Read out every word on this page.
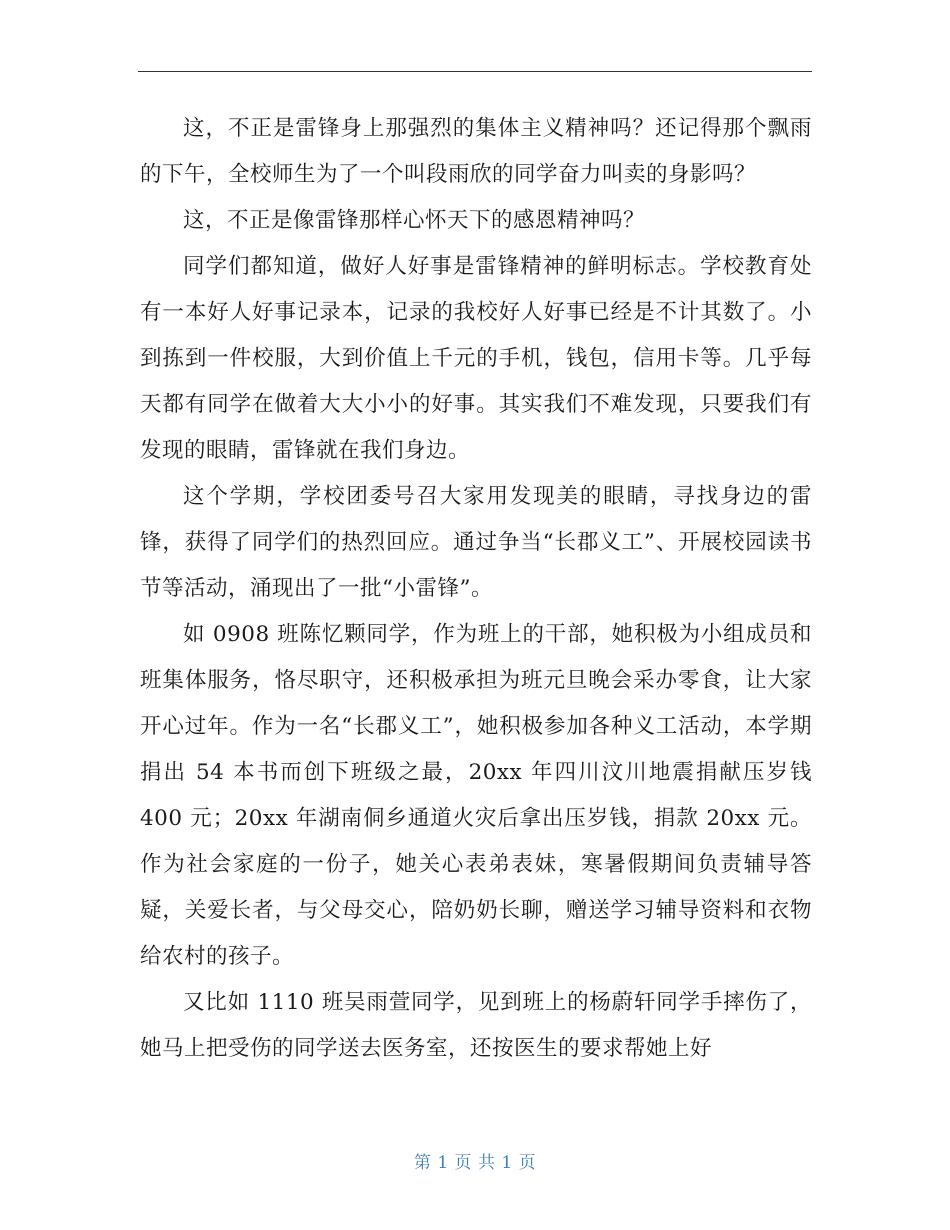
这，不正是雷锋身上那强烈的集体主义精神吗？还记得那个飘雨的下午，全校师生为了一个叫段雨欣的同学奋力叫卖的身影吗？

这，不正是像雷锋那样心怀天下的感恩精神吗？

同学们都知道，做好人好事是雷锋精神的鲜明标志。学校教育处有一本好人好事记录本，记录的我校好人好事已经是不计其数了。小到拣到一件校服，大到价值上千元的手机，钱包，信用卡等。几乎每天都有同学在做着大大小小的好事。其实我们不难发现，只要我们有发现的眼睛，雷锋就在我们身边。

这个学期，学校团委号召大家用发现美的眼睛，寻找身边的雷锋，获得了同学们的热烈回应。通过争当“长郡义工”、开展校园读书节等活动，涌现出了一批“小雷锋”。

如 0908 班陈忆颗同学，作为班上的干部，她积极为小组成员和班集体服务，恪尽职守，还积极承担为班元旦晚会采办零食，让大家开心过年。作为一名“长郡义工”，她积极参加各种义工活动，本学期捐出 54 本书而创下班级之最，20xx 年四川汶川地震捐献压岁钱 400 元；20xx 年湖南侗乡通道火灾后拿出压岁钱，捐款 20xx 元。作为社会家庭的一份子，她关心表弟表妹，寒暑假期间负责辅导答疑，关爱长者，与父母交心，陪奶奶长聊，赠送学习辅导资料和衣物给农村的孩子。

又比如 1110 班吴雨萱同学，见到班上的杨蔚轩同学手摔伤了，她马上把受伤的同学送去医务室，还按医生的要求帮她上好

第 1 页 共 1 页
